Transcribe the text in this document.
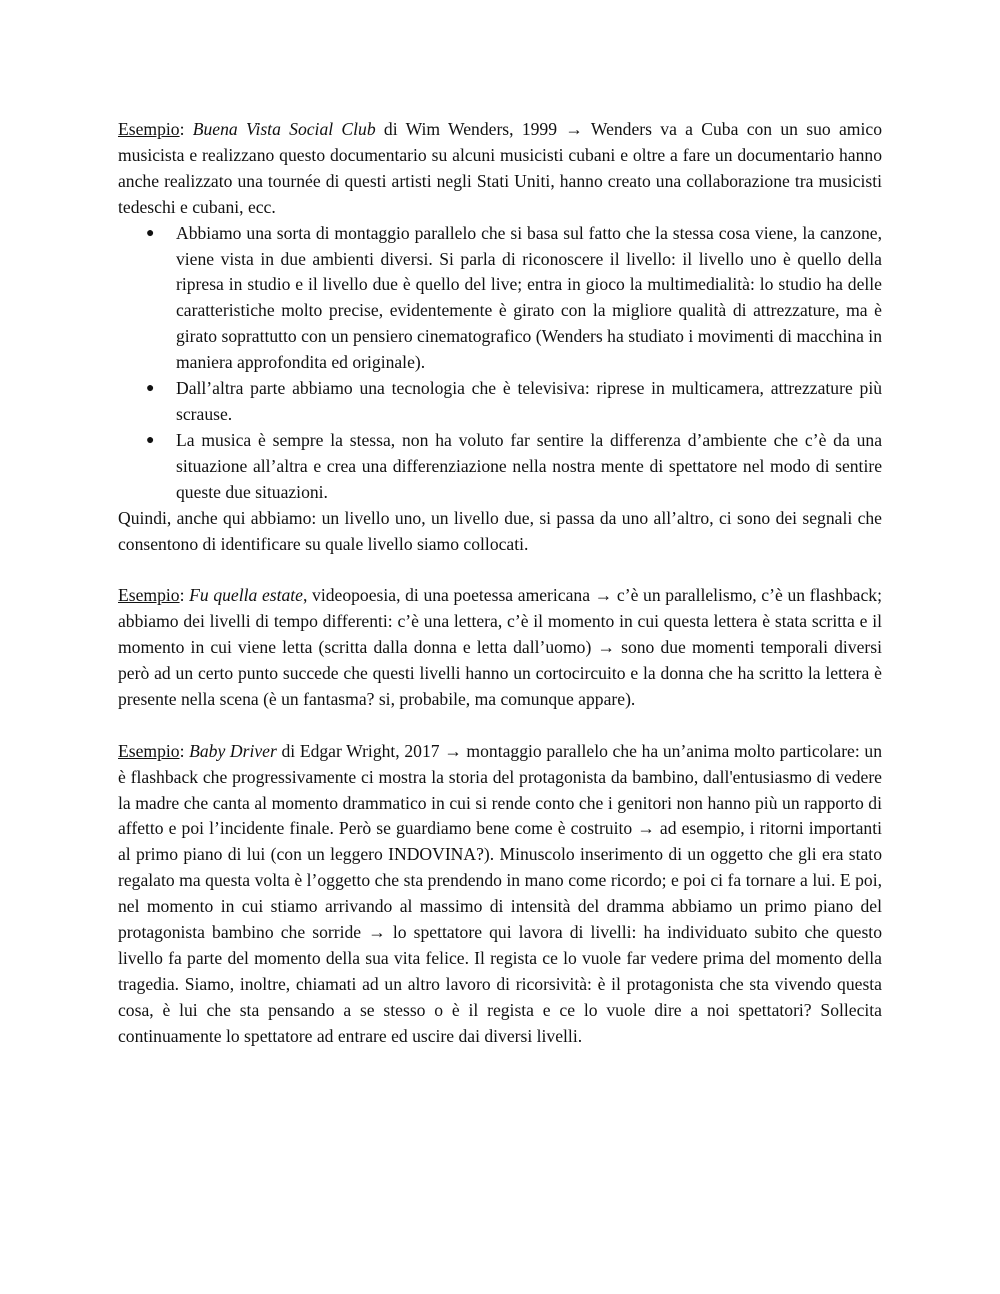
Esempio: Buena Vista Social Club di Wim Wenders, 1999 → Wenders va a Cuba con un suo amico musicista e realizzano questo documentario su alcuni musicisti cubani e oltre a fare un documentario hanno anche realizzato una tournée di questi artisti negli Stati Uniti, hanno creato una collaborazione tra musicisti tedeschi e cubani, ecc.

● Abbiamo una sorta di montaggio parallelo che si basa sul fatto che la stessa cosa viene, la canzone, viene vista in due ambienti diversi. Si parla di riconoscere il livello: il livello uno è quello della ripresa in studio e il livello due è quello del live; entra in gioco la multimedialità: lo studio ha delle caratteristiche molto precise, evidentemente è girato con la migliore qualità di attrezzature, ma è girato soprattutto con un pensiero cinematografico (Wenders ha studiato i movimenti di macchina in maniera approfondita ed originale).
● Dall’altra parte abbiamo una tecnologia che è televisiva: riprese in multicamera, attrezzature più scrause.
● La musica è sempre la stessa, non ha voluto far sentire la differenza d’ambiente che c’è da una situazione all’altra e crea una differenziazione nella nostra mente di spettatore nel modo di sentire queste due situazioni.

Quindi, anche qui abbiamo: un livello uno, un livello due, si passa da uno all’altro, ci sono dei segnali che consentono di identificare su quale livello siamo collocati.

Esempio: Fu quella estate, videopoesia, di una poetessa americana → c’è un parallelismo, c’è un flashback; abbiamo dei livelli di tempo differenti: c’è una lettera, c’è il momento in cui questa lettera è stata scritta e il momento in cui viene letta (scritta dalla donna e letta dall’uomo) → sono due momenti temporali diversi però ad un certo punto succede che questi livelli hanno un cortocircuito e la donna che ha scritto la lettera è presente nella scena (è un fantasma? si, probabile, ma comunque appare).

Esempio: Baby Driver di Edgar Wright, 2017 → montaggio parallelo che ha un’anima molto particolare: un è flashback che progressivamente ci mostra la storia del protagonista da bambino, dall'entusiasmo di vedere la madre che canta al momento drammatico in cui si rende conto che i genitori non hanno più un rapporto di affetto e poi l’incidente finale. Però se guardiamo bene come è costruito → ad esempio, i ritorni importanti al primo piano di lui (con un leggero INDOVINA?). Minuscolo inserimento di un oggetto che gli era stato regalato ma questa volta è l’oggetto che sta prendendo in mano come ricordo; e poi ci fa tornare a lui. E poi, nel momento in cui stiamo arrivando al massimo di intensità del dramma abbiamo un primo piano del protagonista bambino che sorride → lo spettatore qui lavora di livelli: ha individuato subito che questo livello fa parte del momento della sua vita felice. Il regista ce lo vuole far vedere prima del momento della tragedia. Siamo, inoltre, chiamati ad un altro lavoro di ricorsività: è il protagonista che sta vivendo questa cosa, è lui che sta pensando a se stesso o è il regista e ce lo vuole dire a noi spettatori? Sollecita continuamente lo spettatore ad entrare ed uscire dai diversi livelli.
